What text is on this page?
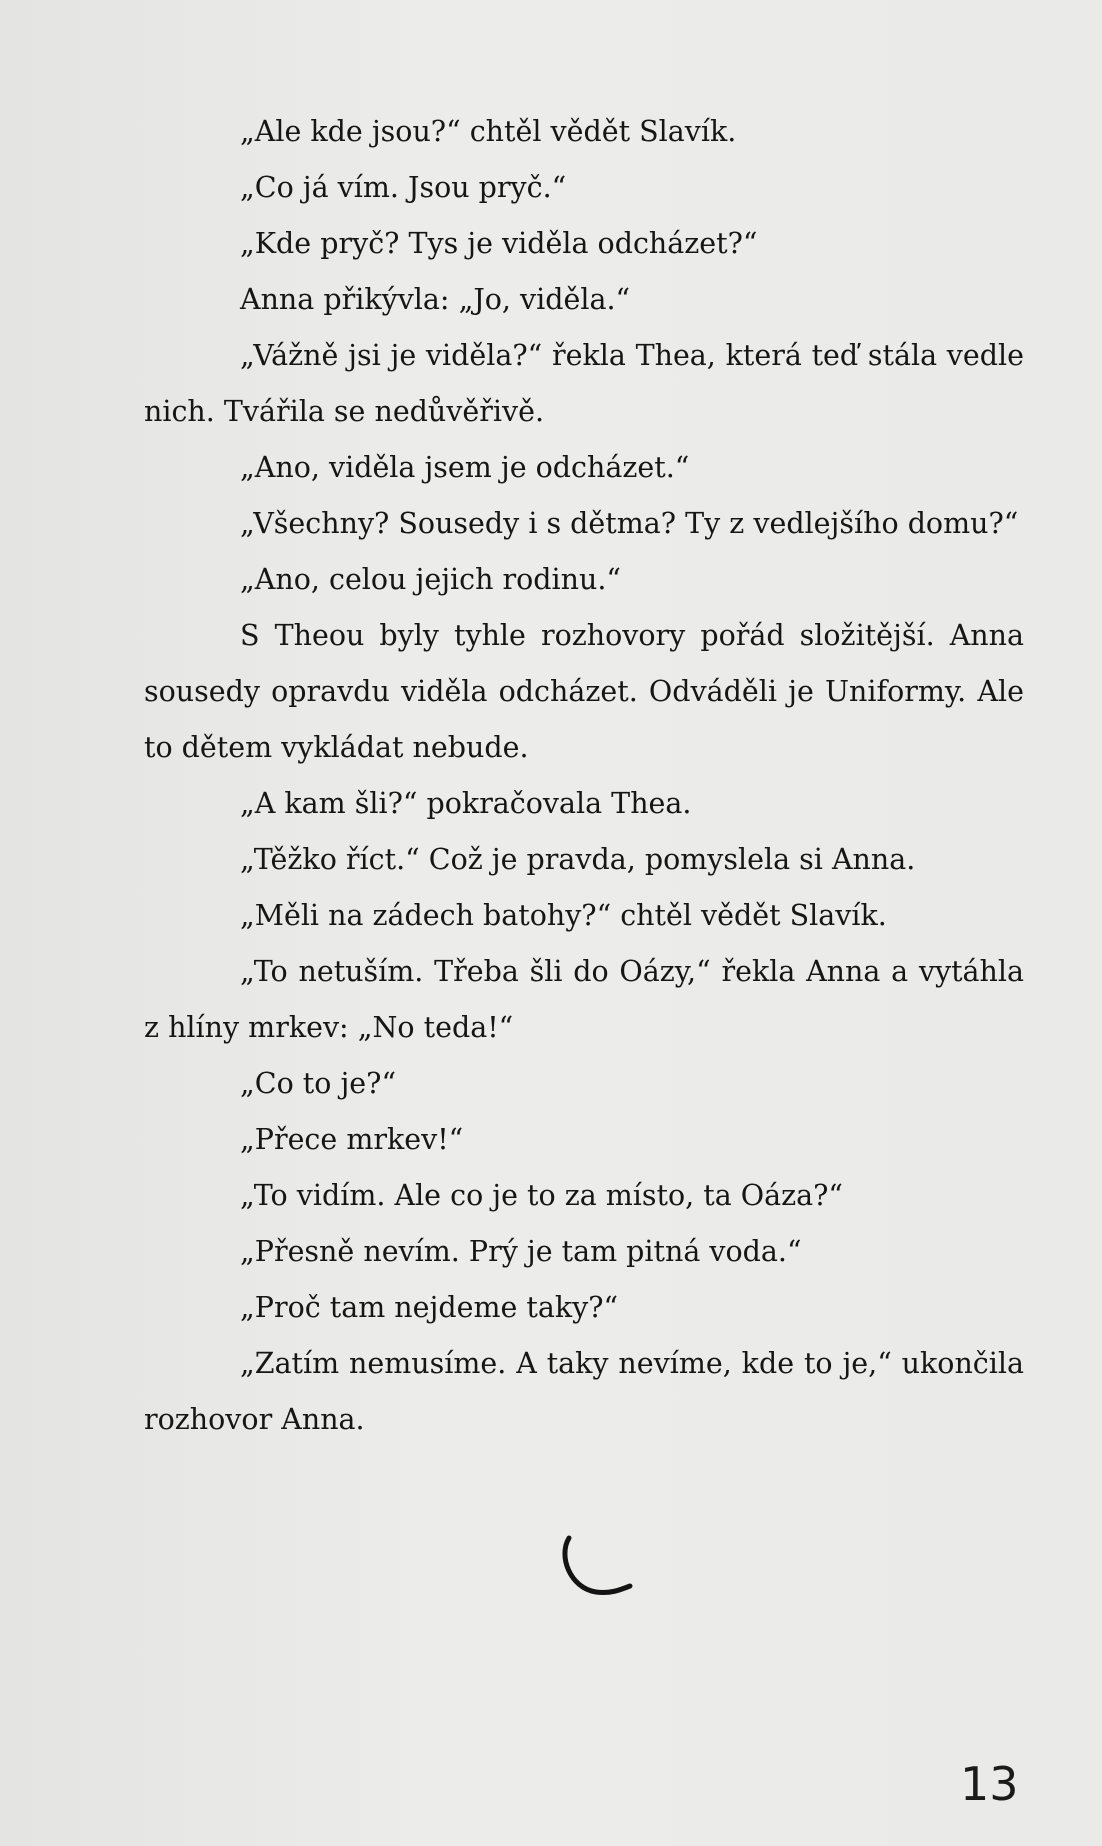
„Ale kde jsou?“ chtěl vědět Slavík.

„Co já vím. Jsou pryč.“

„Kde pryč? Tys je viděla odcházet?“

Anna přikývla: „Jo, viděla.“

„Vážně jsi je viděla?“ řekla Thea, která teď stála vedle nich. Tvářila se nedůvěřivě.

„Ano, viděla jsem je odcházet.“

„Všechny? Sousedy i s dětma? Ty z vedlejšího domu?“

„Ano, celou jejich rodinu.“

S Theou byly tyhle rozhovory pořád složitější. Anna sousedy opravdu viděla odcházet. Odváděli je Uniformy. Ale to dětem vykládat nebude.

„A kam šli?“ pokračovala Thea.

„Těžko říct.“ Což je pravda, pomyslela si Anna.

„Měli na zádech batohy?“ chtěl vědět Slavík.

„To netuším. Třeba šli do Oázy,“ řekla Anna a vytáhla z hlíny mrkev: „No teda!“

„Co to je?“

„Přece mrkev!“

„To vidím. Ale co je to za místo, ta Oáza?“

„Přesně nevím. Prý je tam pitná voda.“

„Proč tam nejdeme taky?“

„Zatím nemusíme. A taky nevíme, kde to je,“ ukončila rozhovor Anna.

13
